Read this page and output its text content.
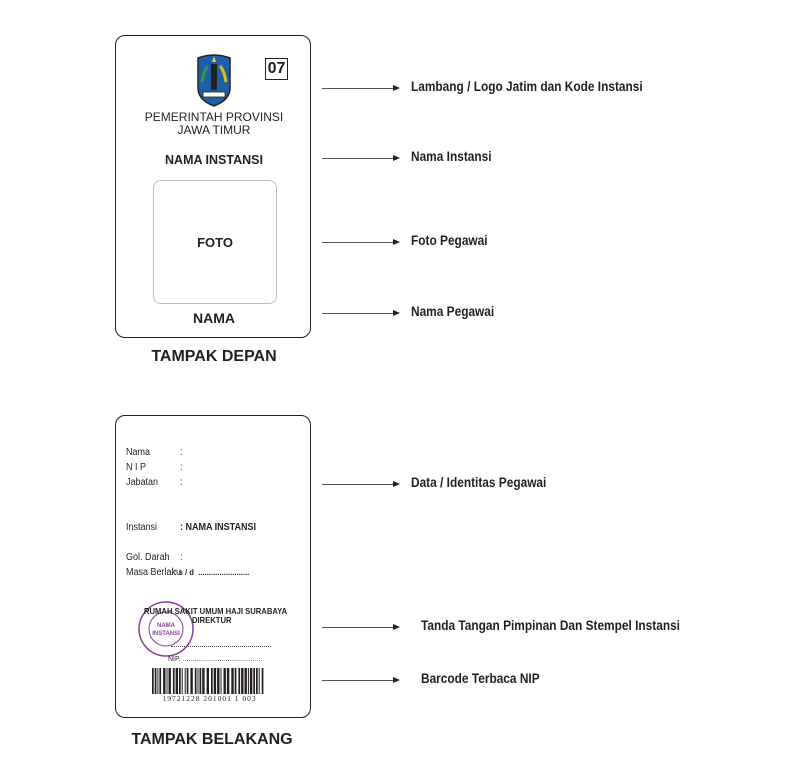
07
PEMERINTAH PROVINSI
JAWA TIMUR
NAMA INSTANSI
FOTO
NAMA
TAMPAK DEPAN
Nama	:
N I P	:
Jabatan :
Instansi : NAMA INSTANSI
Gol. Darah :
Masa Berlaku
: s / d  ........................
NAMA
INSTANSI
RUMAH SAKIT UMUM HAJI SURABAYA
DIREKTUR
NIP. .........................................
19721228 201001 1 003
TAMPAK BELAKANG
Lambang / Logo Jatim dan Kode Instansi
Nama Instansi
Foto Pegawai
Nama Pegawai
Data / Identitas Pegawai
Tanda Tangan Pimpinan Dan Stempel Instansi
Barcode Terbaca NIP
